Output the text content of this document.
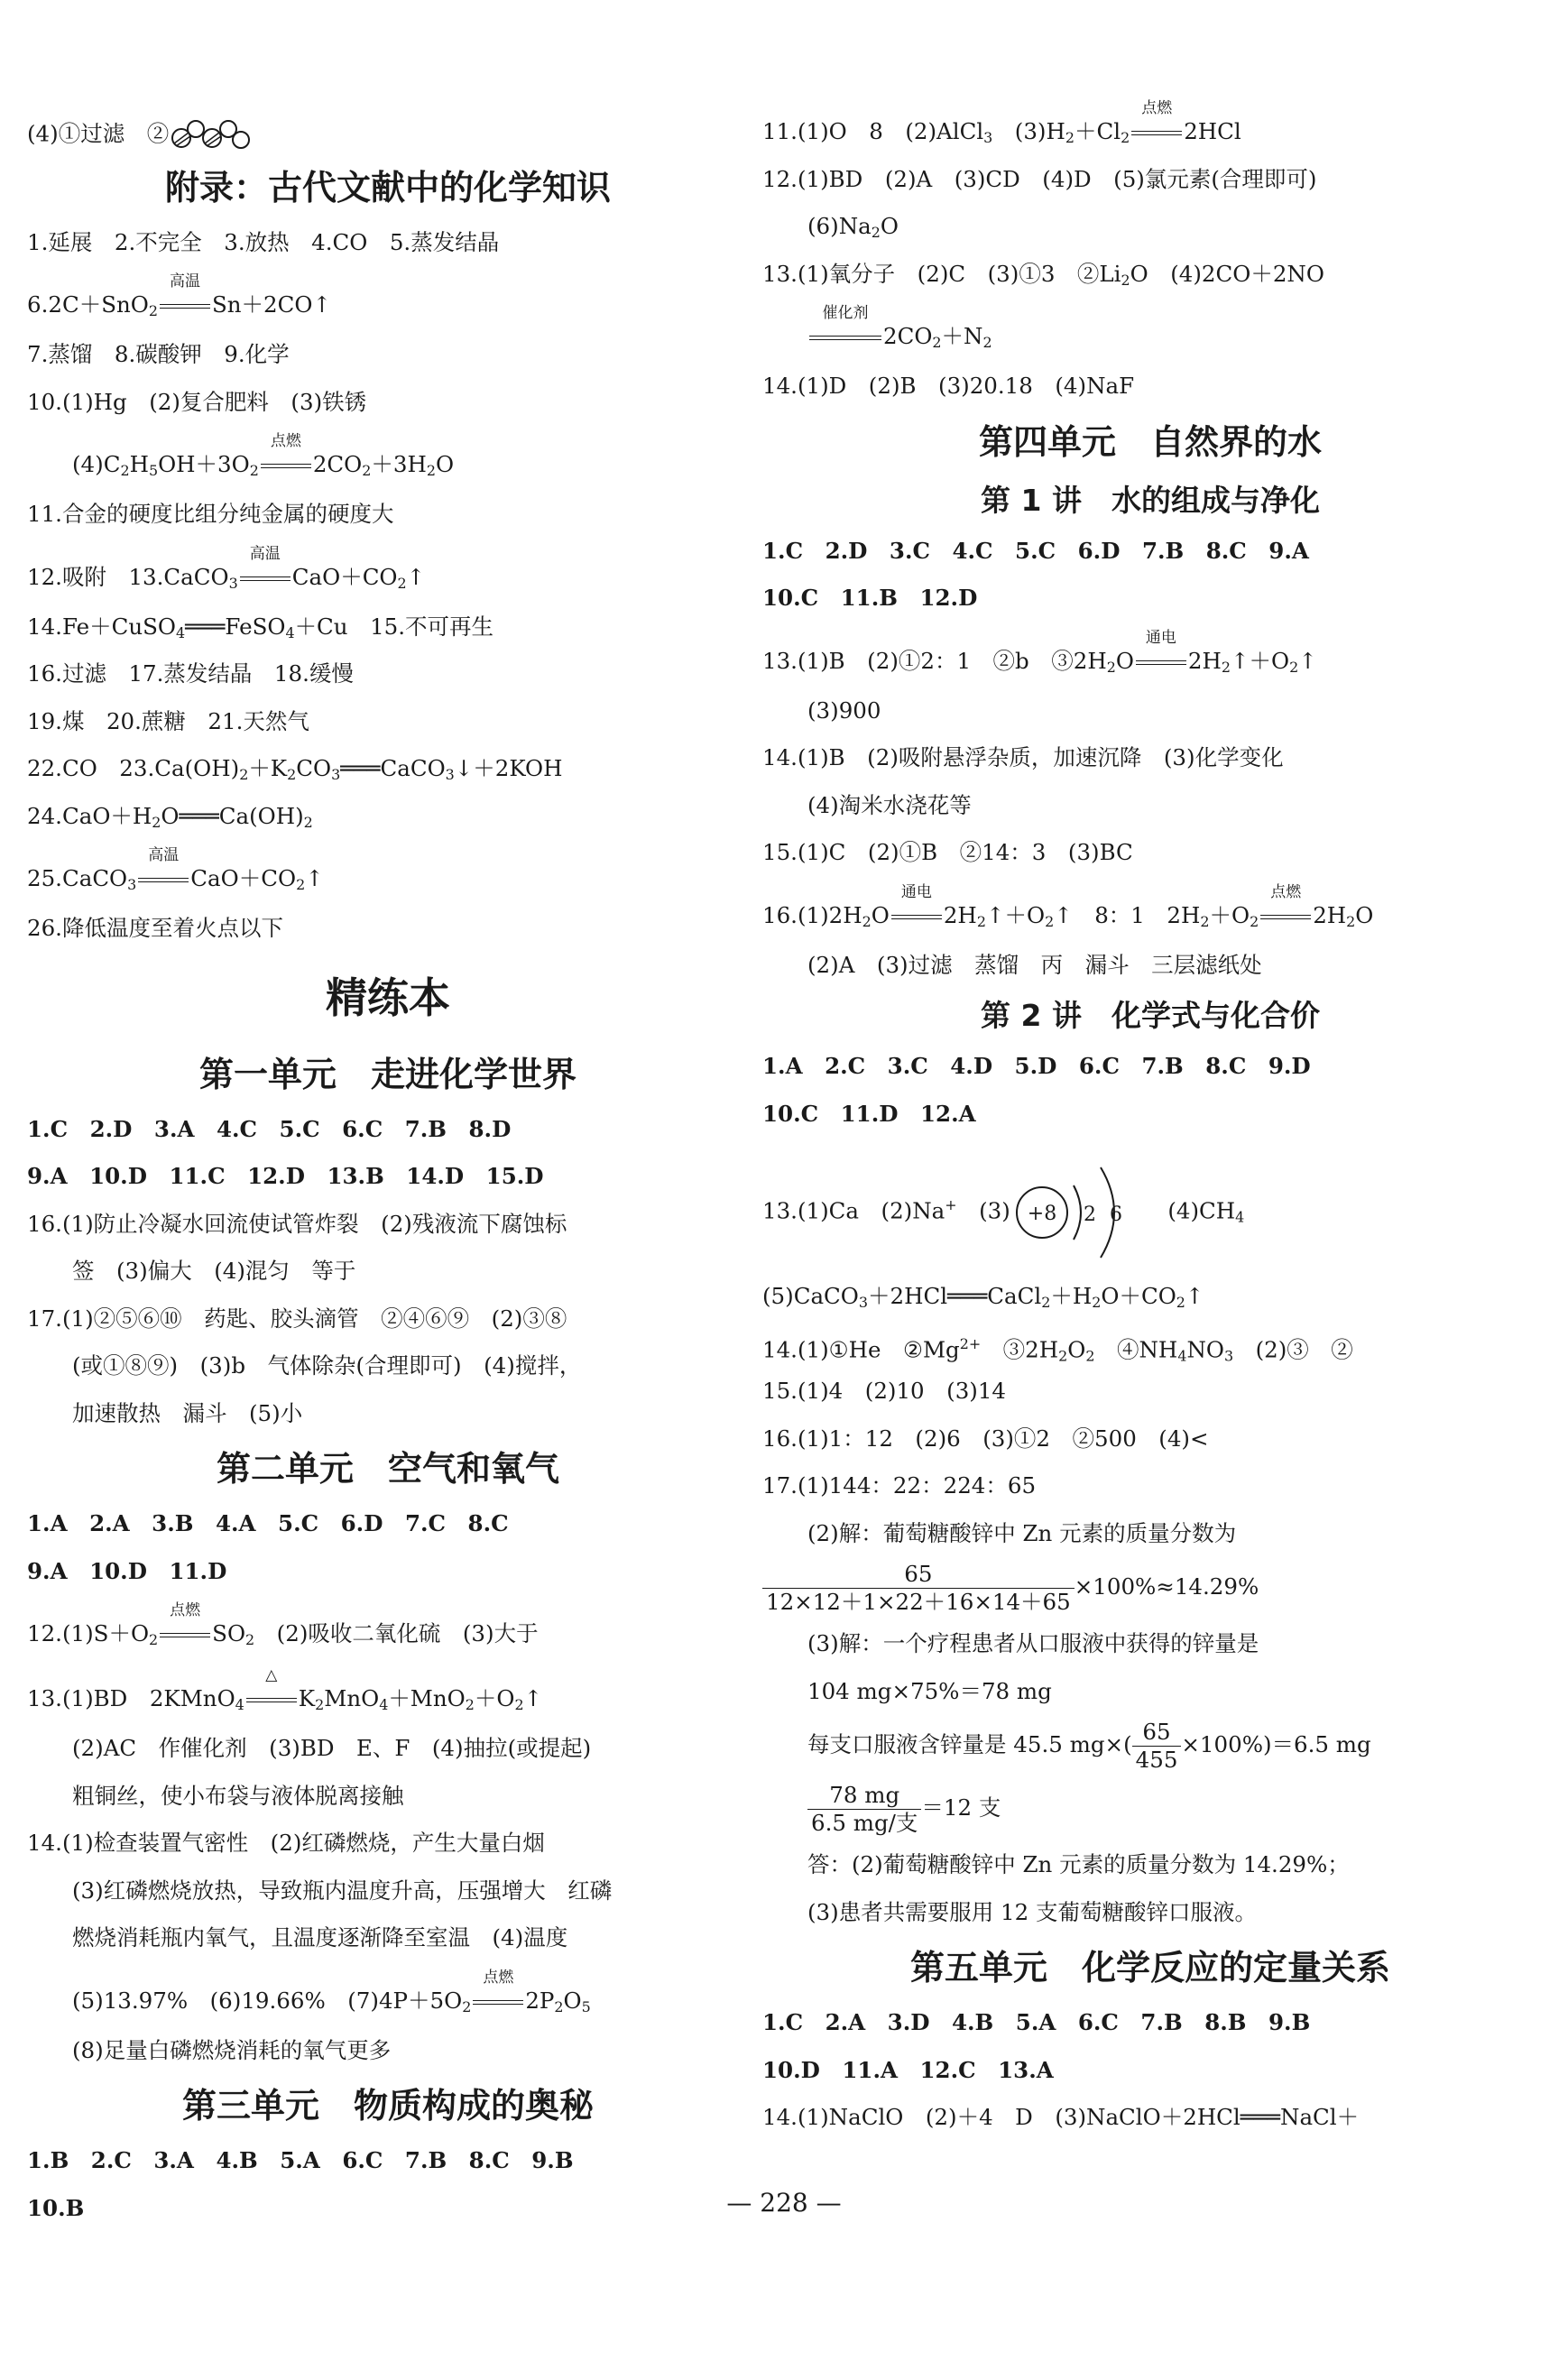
(4)①过滤　②
附录：古代文献中的化学知识
1.延展　2.不完全　3.放热　4.CO　5.蒸发结晶
6.2C＋SnO$_2$
高温
Sn＋2CO↑
7.蒸馏　8.碳酸钾　9.化学
10.(1)Hg　(2)复合肥料　(3)铁锈
$(4)C_2H_5OH+3O_2$
点燃
$2CO_2+3H_2O$
11.合金的硬度比组分纯金属的硬度大
12.吸附　13.CaCO$_3$
高温
$CaO+CO_2↑$
14.Fe＋CuSO$_4$═══FeSO$_4$＋Cu　15.不可再生
16.过滤　17.蒸发结晶　18.缓慢
19.煤　20.蔗糖　21.天然气
22.CO　$23.Ca(OH)_2+K_2CO_3═══CaCO_3↓+2KOH$
$24.CaO+H_2O═══Ca(OH)_2$
25.CaCO$_3$
高温
$CaO+CO_2↑$
26.降低温度至着火点以下
精练本
第一单元　走进化学世界
1.C　2.D　3.A　4.C　5.C　6.C　7.B　8.D
9.A　10.D　11.C　12.D　13.B　14.D　15.D
16.(1)防止冷凝水回流使试管炸裂　(2)残液流下腐蚀标
签　(3)偏大　(4)混匀　等于
17.(1)②⑤⑥⑩　药匙、胶头滴管　②④⑥⑨　(2)③⑧
(或①⑧⑨)　(3)b　气体除杂(合理即可)　(4)搅拌，
加速散热　漏斗　(5)小
第二单元　空气和氧气
1.A　2.A　3.B　4.A　5.C　6.D　7.C　8.C
9.A　10.D　11.D
$12.(1)S+O_2$
点燃
$SO_2$　(2)吸收二氧化硫　(3)大于
13.(1)BD　2KMnO$_4$
△
$K_2MnO_4+MnO_2+O_2↑$
(2)AC　作催化剂　(3)BD　E、F　(4)抽拉(或提起)
粗铜丝，使小布袋与液体脱离接触
14.(1)检查装置气密性　(2)红磷燃烧，产生大量白烟
(3)红磷燃烧放热，导致瓶内温度升高，压强增大　红磷
燃烧消耗瓶内氧气，且温度逐渐降至室温　(4)温度
(5)13.97%　(6)19.66%　$(7)4P+5O_2$
点燃
$2P_2O_5$
(8)足量白磷燃烧消耗的氧气更多
第三单元　物质构成的奥秘
1.B　2.C　3.A　4.B　5.A　6.C　7.B　8.C　9.B
10.B
11.(1)O　8　(2)AlCl$_3$　$(3)H_2+Cl_2$
点燃
2HCl
12.(1)BD　(2)A　(3)CD　(4)D　(5)氯元素(合理即可)
$(6)Na_2O$
13.(1)氧分子　(2)C　(3)①3　$②Li_2O$　(4)2CO＋2NO
催化剂
$2CO_2+N_2$
14.(1)D　(2)B　(3)20.18　(4)NaF
第四单元　自然界的水
第 1 讲　水的组成与净化
1.C　2.D　3.C　4.C　5.C　6.D　7.B　8.C　9.A
10.C　11.B　12.D
13.(1)B　(2)①2：1　②b　$③2H_2O$
通电
$2H_2↑+O_2↑$
(3)900
14.(1)B　(2)吸附悬浮杂质，加速沉降　(3)化学变化
(4)淘米水浇花等
15.(1)C　(2)①B　②14：3　(3)BC
$16.(1)2H_2O$
通电
$2H_2↑+O_2↑$　8：1　$2H_2+O_2$
点燃
$2H_2O$
(2)A　(3)过滤　蒸馏　丙　漏斗　三层滤纸处
第 2 讲　化学式与化合价
1.A　2.C　3.C　4.D　5.D　6.C　7.B　8.C　9.D
10.C　11.D　12.A
13.(1)Ca　(2)Na+　(3) +8 2 6 　$(4)CH_4$
$(5)CaCO_3+2HCl═══CaCl_2+H_2O+CO_2↑$
14.(1)①He　$②Mg^{2+}$　$③2H_2O_2$　$④NH_4NO_3$　(2)③　②
15.(1)4　(2)10　(3)14
16.(1)1：12　(2)6　(3)①2　②500　(4)<
17.(1)144：22：224：65
(2)解：葡萄糖酸锌中 Zn 元素的质量分数为
$\frac{65}{12\times 12+1\times 22+16\times 14+65} \times 100\%\approx 14.29\%$
(3)解：一个疗程患者从口服液中获得的锌量是
104 mg×75%＝78 mg
每支口服液含锌量是 45.5 $mg\times( \frac{65}{455} \times 100\%)=6.5$ mg
$\frac{78 mg}{\text{6.5 mg/支}} =12$ 支
答：(2)葡萄糖酸锌中 Zn 元素的质量分数为 14.29%；
(3)患者共需要服用 12 支葡萄糖酸锌口服液。
第五单元　化学反应的定量关系
1.C　2.A　3.D　4.B　5.A　6.C　7.B　8.B　9.B
10.D　11.A　12.C　13.A
14.(1)NaClO　(2)＋4　D　(3)NaClO＋2HCl═══NaCl＋
— 228 —
